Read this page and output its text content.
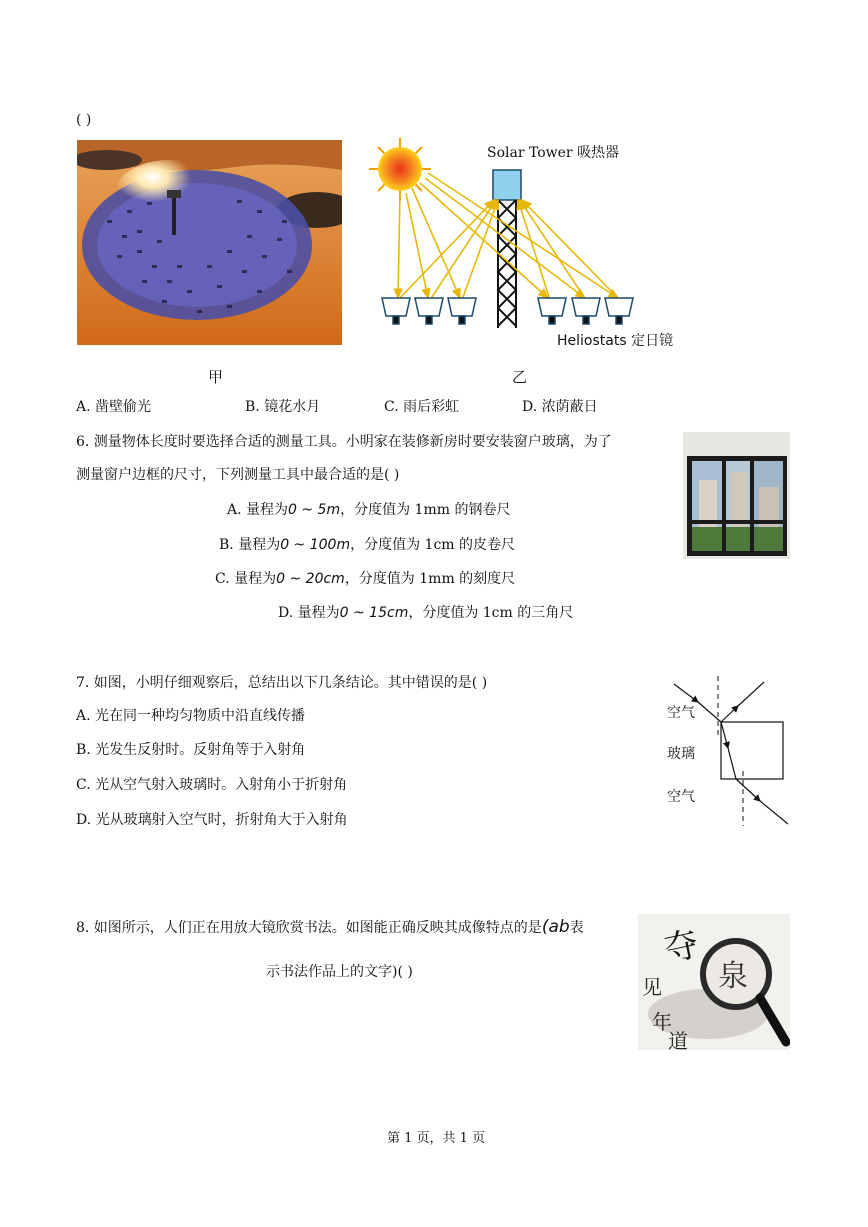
( )
Solar Tower 吸热器
Heliostats 定日镜
甲	乙
A. 凿壁偷光	B. 镜花水月	C. 雨后彩虹	D. 浓荫蔽日
6. 测量物体长度时要选择合适的测量工具。小明家在装修新房时要安装窗户玻璃，为了
测量窗户边框的尺寸，下列测量工具中最合适的是( )
A. 量程为0 ~ 5m，分度值为 1mm 的钢卷尺
B. 量程为0 ~ 100m，分度值为 1cm 的皮卷尺
C. 量程为0 ~ 20cm，分度值为 1mm 的刻度尺
D. 量程为0 ~ 15cm，分度值为 1cm 的三角尺
7. 如图，小明仔细观察后，总结出以下几条结论。其中错误的是( )
A. 光在同一种均匀物质中沿直线传播
B. 光发生反射时。反射角等于入射角
C. 光从空气射入玻璃时。入射角小于折射角
D. 光从玻璃射入空气时，折射角大于入射角
空气
玻璃
空气
8. 如图所示，人们正在用放大镜欣赏书法。如图能正确反映其成像特点的是(ab表
示书法作品上的文字)( )
夺
见
年
道
泉
第 1 页，共 1 页
